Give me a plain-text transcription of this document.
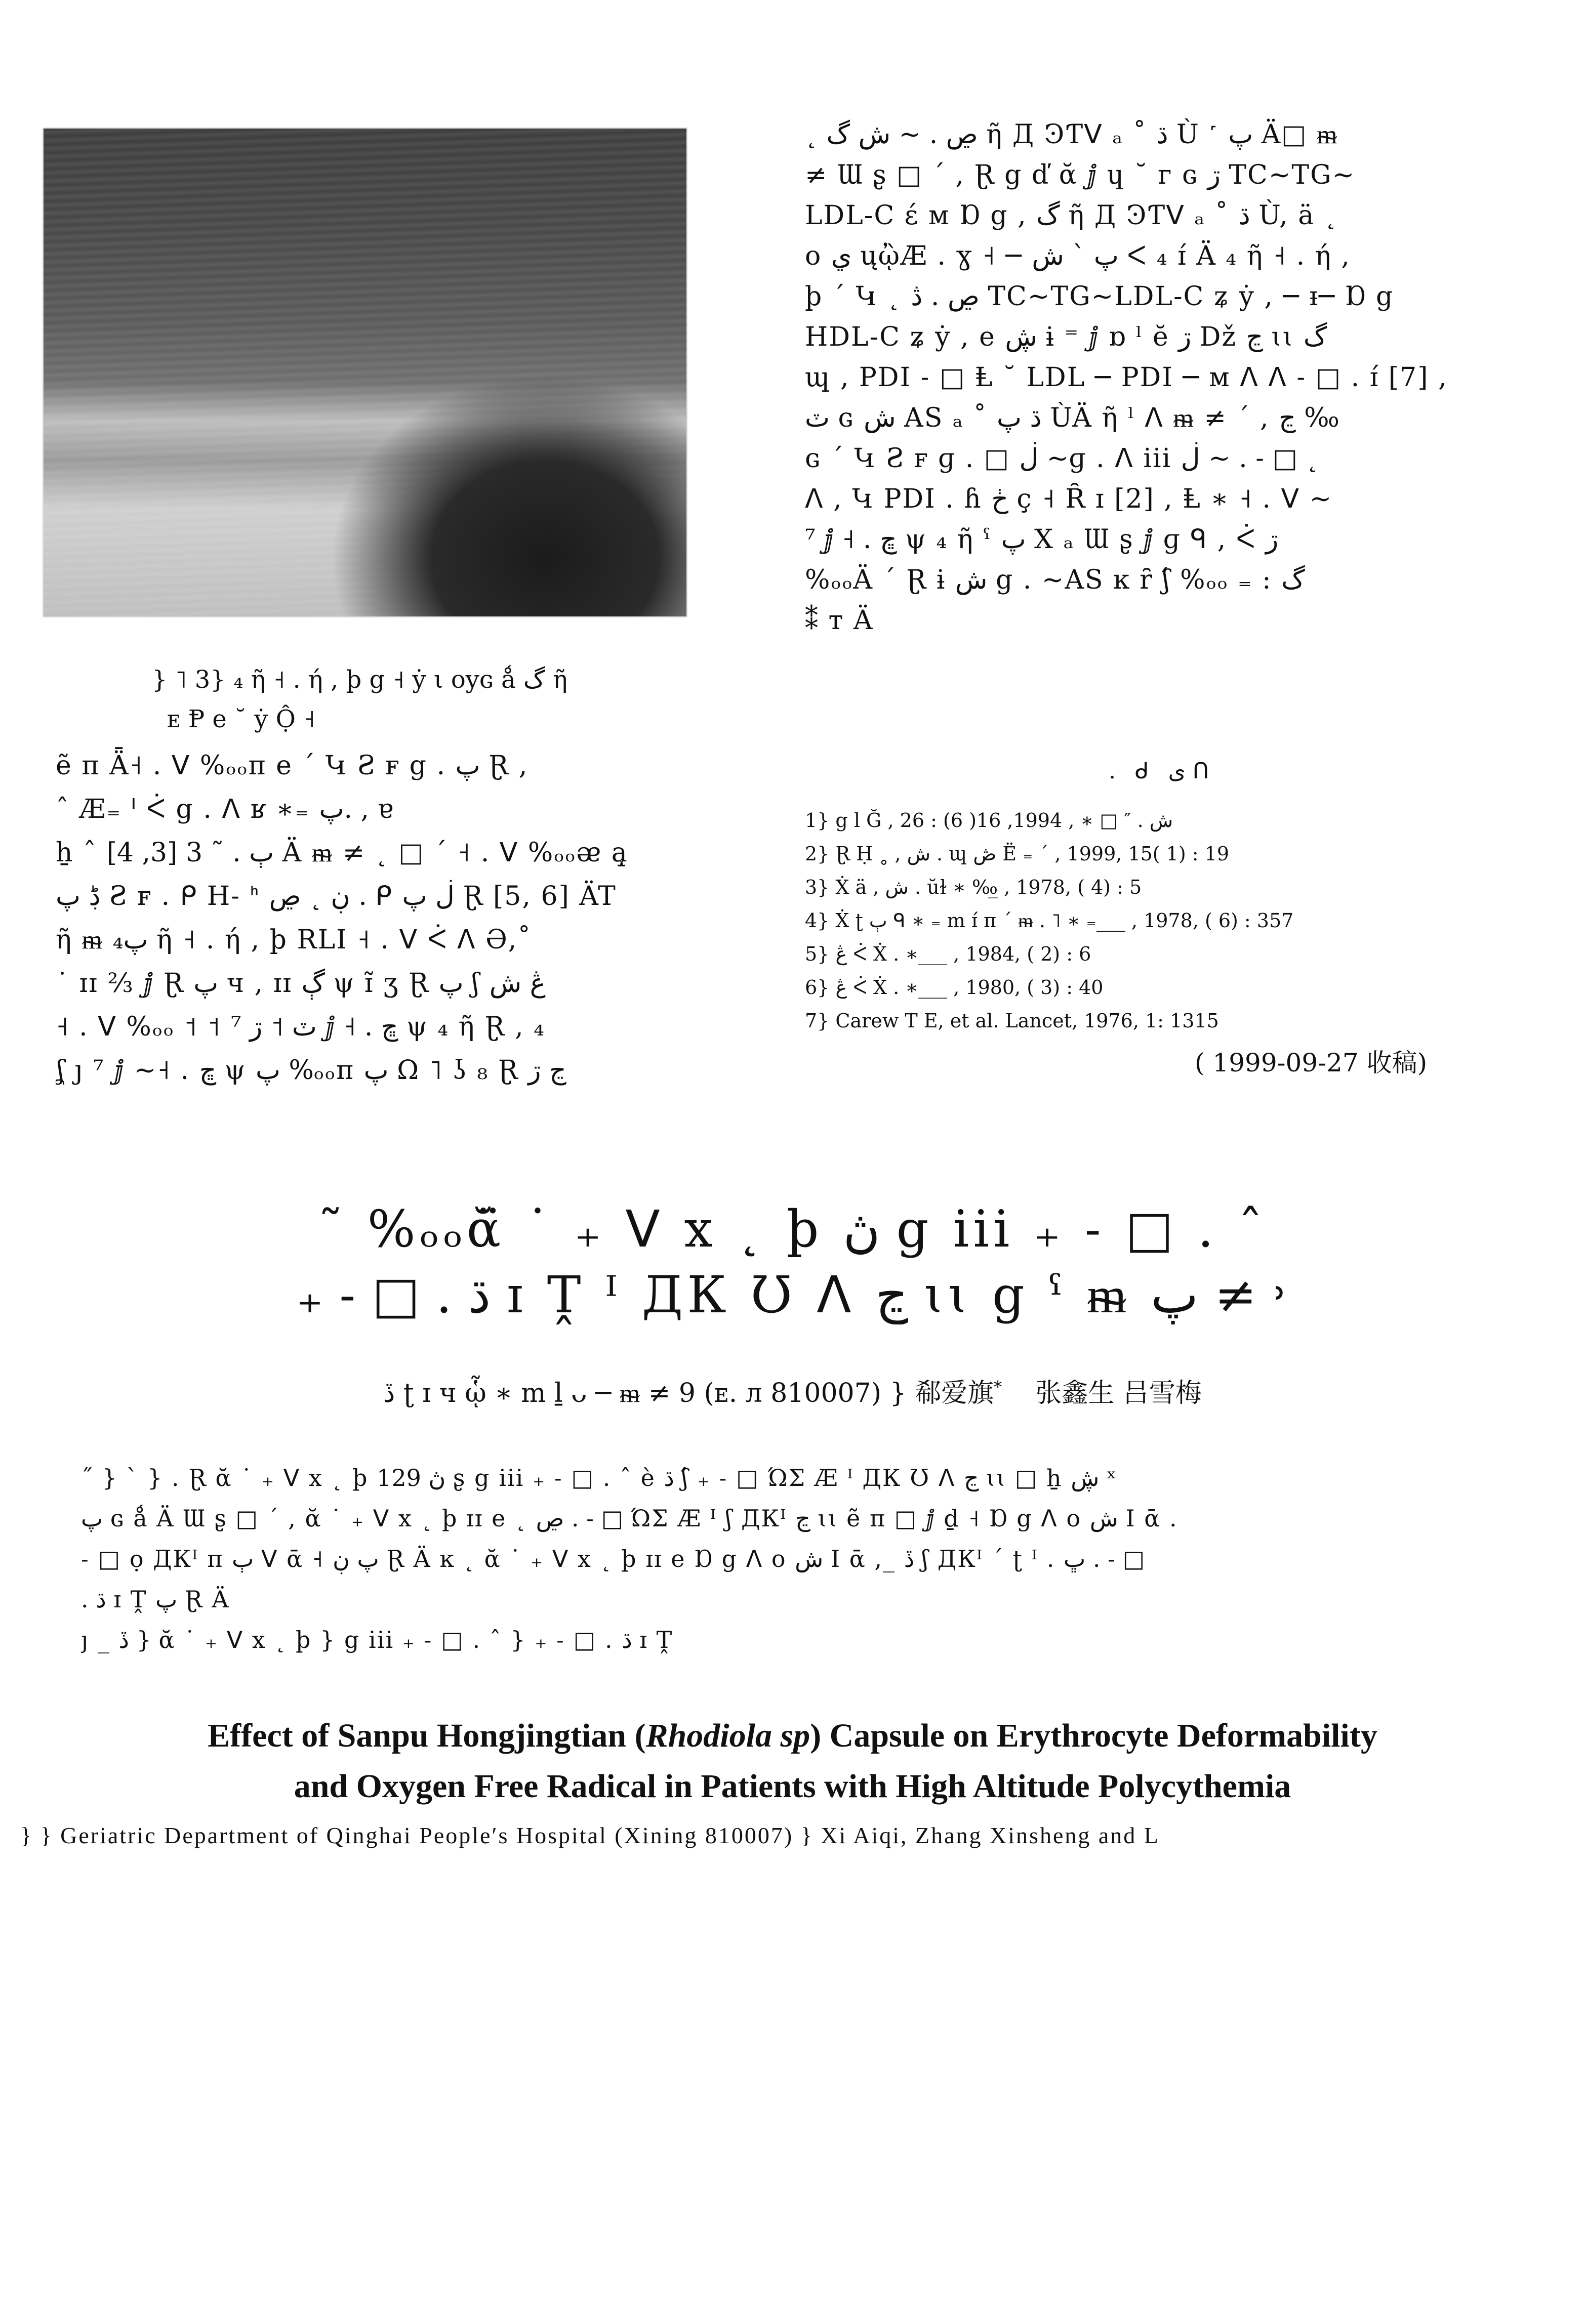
} ˥ 3} ₄ ῆ ˧ . ή , þ g ˧ ẏ ι oyɢ ǻ گ ῆ

ᴇ Ᵽ e ˘ ẏ Ộ ˧

ẽ ᴨ Ǟ˧ . ᐯ %ₒₒᴨ e ˊ Կ Ƨ ꜰ g . پ Ɽ ,

ˆ Æ₌ ᑊ ᐹ g . ᐱ ʁ ∗₌ پ. , ɐ

ẖ ˆ ٻ . ˜ 3 [3, 4] Ä ᵯ ≠ ˛ □ ˊ ˧ . ᐯ %ₒₒᴂ ą̧

ڋ پ Ƨ ꜰ . ᑭ H˗ ᑋ ڹ ˛ ڝ . ᑭ ڶ پ Ɽ [5, 6] ÄT

ῆ ᵯ پ₄ ῆ ˧ . ή , þ RLI ˧ . ᐯ ᐹ ᐱ Ə,˚

˙ ɪɪ ⅔ ⅉ Ɽ پ ч , ɪɪ ڳ ψ ɪ̃ ʒ Ɽ پ ʃ ڠ ش

˧ . ᐯ %ₒₒ ˦ ˦ ٽ ˦ ڗ ⁷ ⅉ ˧ . ڇ ψ ₄ ῆ Ɽ , ₄

ʆ ȷ ⁷ ⅉ ~˧ . ڇ ψ پ %ₒₒᴨ پ Ω ˥ ʖ ₈ Ɽ ڃ ڗ

˛ ڝ . ~ ش گ ῆ Д ϿƬᐯ ₐ ˚ ڌ Ù ˹ پ Ä□ ᵯ

≠ Ɯ ʂ □ ˊ , Ɽ g ď ᾰ ⅉ ɥ ˘ ᴦ ɢ ڗ TC~TG~

LDL-C ɛ́ ᴍ Ɒ g , گ ῆ Д ϿƬᐯ ₐ ˚ ڌ Ù, ä ˛

o ي ųᾢÆ . ɣ ˧ ─ پ ˋ ش ᐸ ₄ ɪ́ Ä ₄ ῆ ˧ . ή ,

þ ˊ Կ ˛ ڝ . ڎ TC~TG~LDL-C ʑ ẏ , ─ ᵻ─ Ɒ g

HDL-C ʑ ẏ , e ڜ ɨ ⁼ ⅉ ɒ ˡ ĕ ڗ Dž ڃ ɩɩ گ

ɰ , PDI ˗ □ Ⱡ ˘ LDL ─ PDI ─ ᴍ ᐱ ᐱ ˗ □ . ɪ́ [7] ,

ٽ ɢ ش AS ₐ ˚ ڌ پ ÙÄ ῆ ˡ ᐱ ᵯ ≠ ˊ , ڃ ‰

ɢ ˊ Կ Ƨ ꜰ ɡ . □ ڶ ~ɡ . ᐱ iii ڶ ~ . ˗ □ ˛

ᐱ , Կ PDI . ɦ ڂ ç ˧ Ȓ ɪ [2] , Ⱡ ∗ ˧ . ᐯ ~

⁷ ⅉ ˧ . ڇ ψ ₄ ῆ ˁ پ X ₐ Ɯ ʂ ⅉ ɡ ᑫ , ᐹ ڗ

%ₒₒÄ ˊ Ɽ ɨ ش g . ~AS ĸ ȓ ʃ́ %ₒₒ ₌ : گ

⁑ ᴛ Ä

. ᑯ ی ᑎ
1} g l Ğ , ش . ″ □ ∗ , 1994, 16( 6) : 26
2} Ɽ Ḥ ˳ , ش . ɰ ڞ Ë ₌ ˊ , 1999, 15( 1) : 19
3} Ẋ ä , ش . ŭɫ ∗ ‰̲ , 1978, ( 4) : 5
4} Ẋ ʈ ٻ ᑫ ∗ ₌ m ɪ́ ᴨ ˊ ᵯ . ˥ ∗ ₌___ , 1978, ( 6) : 357
5} ڠ ᐹ Ẋ . ∗___ , 1984, ( 2) : 6
6} ڠ ᐹ Ẋ . ∗___ , 1980, ( 3) : 40
7} Carew T E, et al. Lancet, 1976, 1: 1315
( 1999-09-27 收稿)
˜ %ₒₒᾰ̈ ˙ ₊ ᐯ x ˛ þ ڽ g iii ₊ ˗ □ . ˆ
₊ ˗ □ . ڌ ɪ Ṱ ᴵ ДК Ʊ ᐱ ڃ ɩɩ g ˁ ᵯ پ ≠ ˒
ڏ ʈ ɪ ч ᾧ ∗ m ḻ ᴗ ─ ᵯ ≠ 9 (ᴇ. л 810007) } 郗爱旗* 张鑫生 吕雪梅

˝ } ˋ } . Ɽ ᾰ ˙ ₊ ᐯ x ˛ þ ڽ 129 ʂ g iii ₊ ˗ □ . ˆ è ڌ ʃ́ ₊ ˗ □ ΏƩ Æ ᴵ ДК Ʊ ᐱ ڃ ɩɩ □ ẖ ڜ ˣ

پ ɢ ǻ Ä Ɯ ʂ □ ˊ , ᾰ ˙ ₊ ᐯ x ˛ þ ɪɪ e ˛ ڝ . ˗ □ ΏƩ Æ ᴵ ʃ ДКᴵ ڃ ɩɩ ẽ ᴨ □ ⅉ ḏ ˧ Ɒ g ᐱ o ش I ᾱ .

˗ □ ọ ДКᴵ ᴨ ٻ ᐯ ᾱ ˧ پ ڹ Ɽ Ä ĸ ˛ ᾰ ˙ ₊ ᐯ x ˛ þ ɪɪ e Ɒ g ᐱ o ش I ᾱ ,_ ڏ ʃ ДКᴵ ˊ ʈ ᴵ . ڀ . ˗ □

. ڌ ɪ Ṱ پ Ɽ Ä

ȷ _ ڏ } ᾰ ˙ ₊ ᐯ x ˛ þ } g iii ₊ ˗ □ . ˆ } ₊ ˗ □ . ڌ ɪ Ṱ

Effect of Sanpu Hongjingtian (Rhodiola sp) Capsule on Erythrocyte Deformability
and Oxygen Free Radical in Patients with High Altitude Polycythemia
} } Geriatric Department of Qinghai People′s Hospital (Xining 810007) } Xi Aiqi, Zhang Xinsheng and L
